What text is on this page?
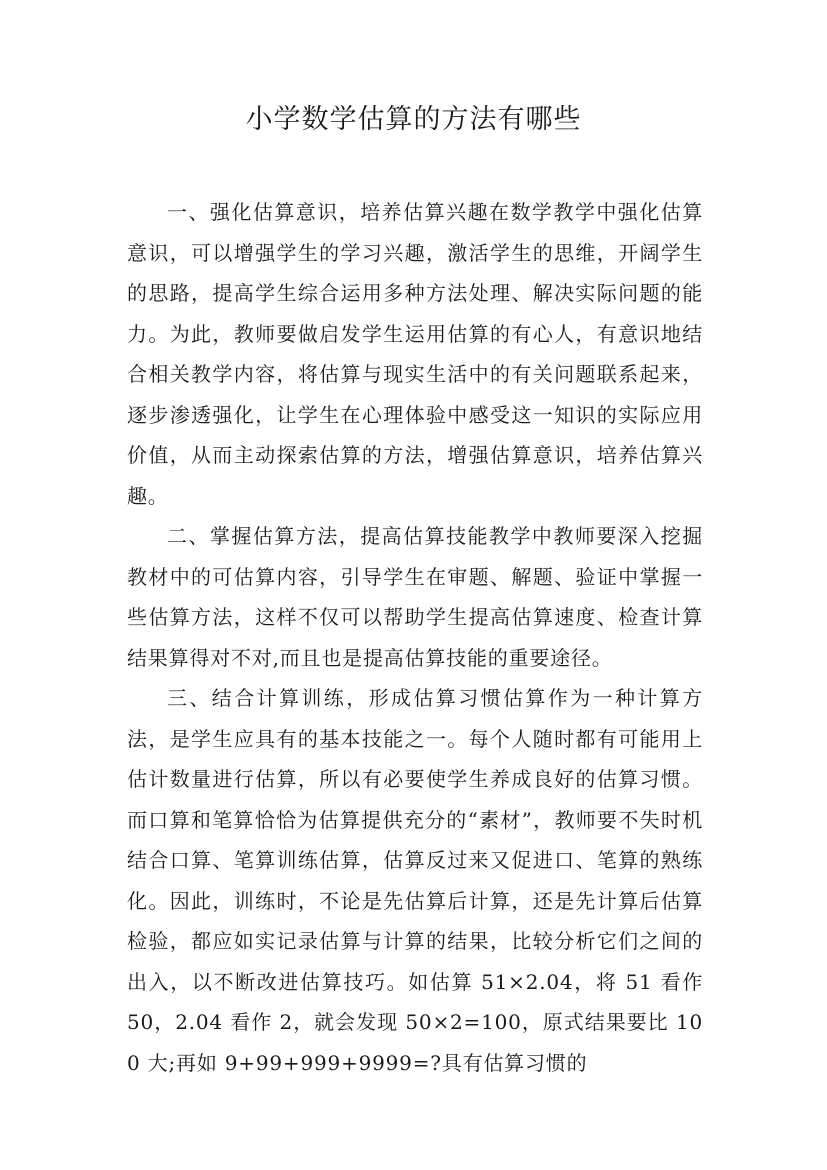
小学数学估算的方法有哪些

一、强化估算意识，培养估算兴趣在数学教学中强化估算意识，可以增强学生的学习兴趣，激活学生的思维，开阔学生的思路，提高学生综合运用多种方法处理、解决实际问题的能力。为此，教师要做启发学生运用估算的有心人，有意识地结合相关教学内容，将估算与现实生活中的有关问题联系起来，逐步渗透强化，让学生在心理体验中感受这一知识的实际应用价值，从而主动探索估算的方法，增强估算意识，培养估算兴趣。

二、掌握估算方法，提高估算技能教学中教师要深入挖掘教材中的可估算内容，引导学生在审题、解题、验证中掌握一些估算方法，这样不仅可以帮助学生提高估算速度、检查计算结果算得对不对,而且也是提高估算技能的重要途径。

三、结合计算训练，形成估算习惯估算作为一种计算方法，是学生应具有的基本技能之一。每个人随时都有可能用上估计数量进行估算，所以有必要使学生养成良好的估算习惯。而口算和笔算恰恰为估算提供充分的“素材”，教师要不失时机结合口算、笔算训练估算，估算反过来又促进口、笔算的熟练化。因此，训练时，不论是先估算后计算，还是先计算后估算检验，都应如实记录估算与计算的结果，比较分析它们之间的出入，以不断改进估算技巧。如估算 51×2.04，将 51 看作 50，2.04 看作 2，就会发现 50×2=100，原式结果要比 100 大;再如 9+99+999+9999=?具有估算习惯的
